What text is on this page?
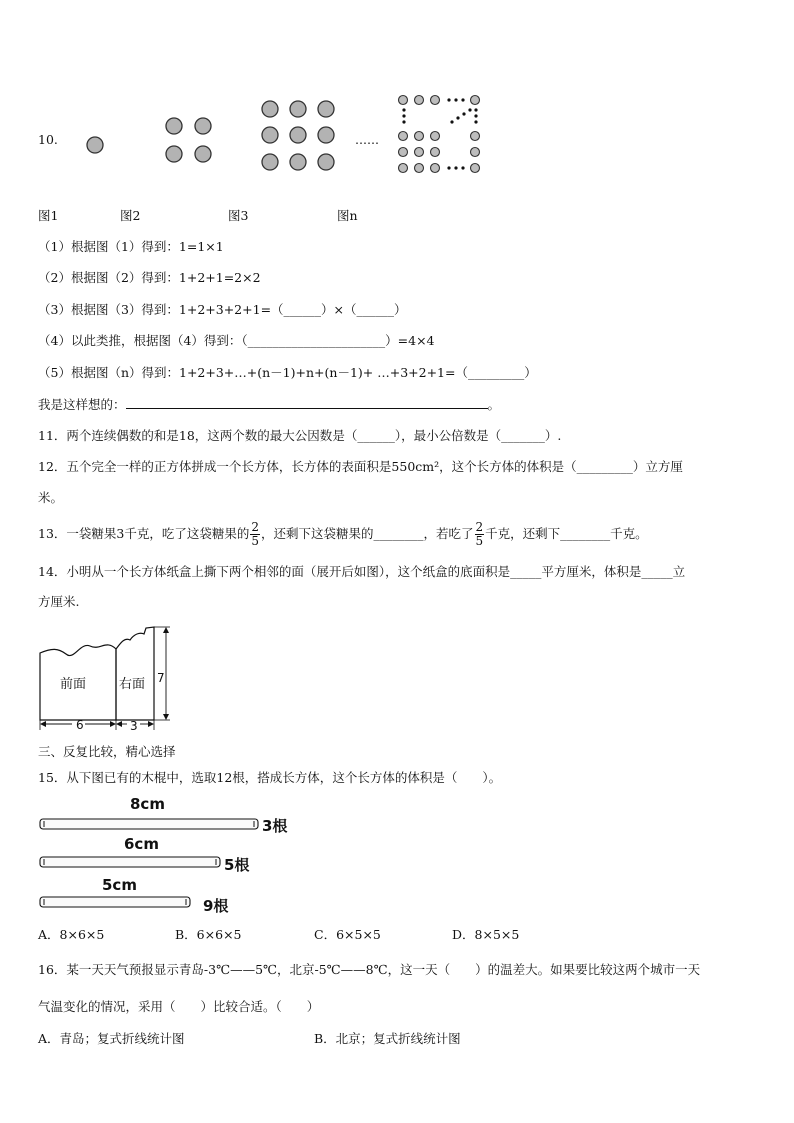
10.	……
图1	图2	图3	图n
（1）根据图（1）得到：1=1×1
（2）根据图（2）得到：1+2+1=2×2
（3）根据图（3）得到：1+2+3+2+1=（______）×（______）
（4）以此类推，根据图（4）得到：（______________________）=4×4
（5）根据图（n）得到：1+2+3+…+(n－1)+n+(n－1)+ …+3+2+1=（_________）
我是这样想的：	。
11．两个连续偶数的和是18，这两个数的最大公因数是（______），最小公倍数是（_______）.
12．五个完全一样的正方体拼成一个长方体，长方体的表面积是550cm²，这个长方体的体积是（_________）立方厘
米。
13．一袋糖果3千克，吃了这袋糖果的 $\frac{2}{5}$ ，还剩下这袋糖果的________，若吃了 $\frac{2}{5}$ 千克，还剩下________千克。
14．小明从一个长方体纸盒上撕下两个相邻的面（展开后如图），这个纸盒的底面积是_____平方厘米，体积是_____立
方厘米.
前面	右面 7
6	3
三、反复比较，精心选择
15．从下图已有的木棍中，选取12根，搭成长方体，这个长方体的体积是（　　）。
8cm
3根
6cm
5根
5cm
9根
A．8×6×5	B．6×6×5	C．6×5×5	D．8×5×5
16．某一天天气预报显示青岛-3℃——5℃，北京-5℃——8℃，这一天（　　）的温差大。如果要比较这两个城市一天
气温变化的情况，采用（　　）比较合适。（　　）
A．青岛；复式折线统计图	B．北京；复式折线统计图
